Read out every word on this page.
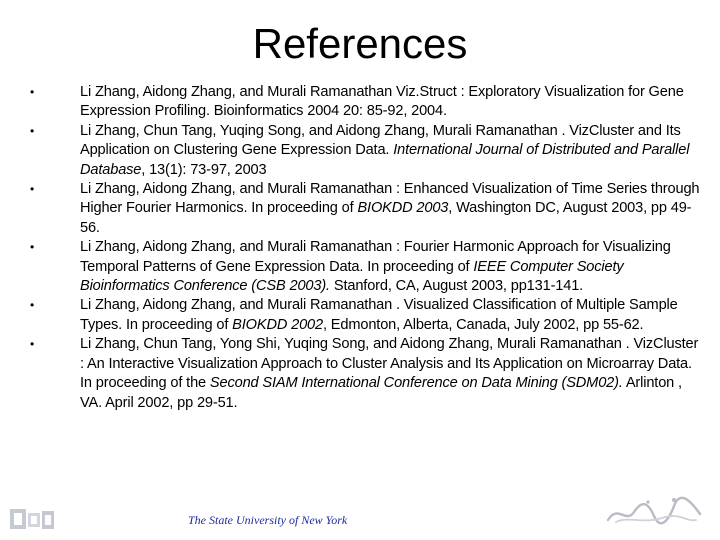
References
•	Li Zhang, Aidong Zhang, and Murali Ramanathan Viz.Struct : Exploratory Visualization for Gene Expression Profiling. Bioinformatics 2004 20: 85-92, 2004.
•	Li Zhang, Chun Tang, Yuqing Song, and Aidong Zhang, Murali Ramanathan . VizCluster and Its Application on Clustering Gene Expression Data. International Journal of Distributed and Parallel Database, 13(1): 73-97, 2003
•	Li Zhang, Aidong Zhang, and Murali Ramanathan : Enhanced Visualization of Time Series through Higher Fourier Harmonics. In proceeding of BIOKDD 2003, Washington DC, August 2003, pp 49-56.
•	Li Zhang, Aidong Zhang, and Murali Ramanathan : Fourier Harmonic Approach for Visualizing Temporal Patterns of Gene Expression Data. In proceeding of IEEE Computer Society Bioinformatics Conference (CSB 2003). Stanford, CA, August 2003, pp131-141.
•	Li Zhang, Aidong Zhang, and Murali Ramanathan . Visualized Classification of Multiple Sample Types. In proceeding of BIOKDD 2002, Edmonton, Alberta, Canada, July 2002, pp 55-62.
•	Li Zhang, Chun Tang, Yong Shi, Yuqing Song, and Aidong Zhang, Murali Ramanathan . VizCluster : An Interactive Visualization Approach to Cluster Analysis and Its Application on Microarray Data. In proceeding of the Second SIAM International Conference on Data Mining (SDM02). Arlinton , VA. April 2002, pp 29-51.
The State University of New York
